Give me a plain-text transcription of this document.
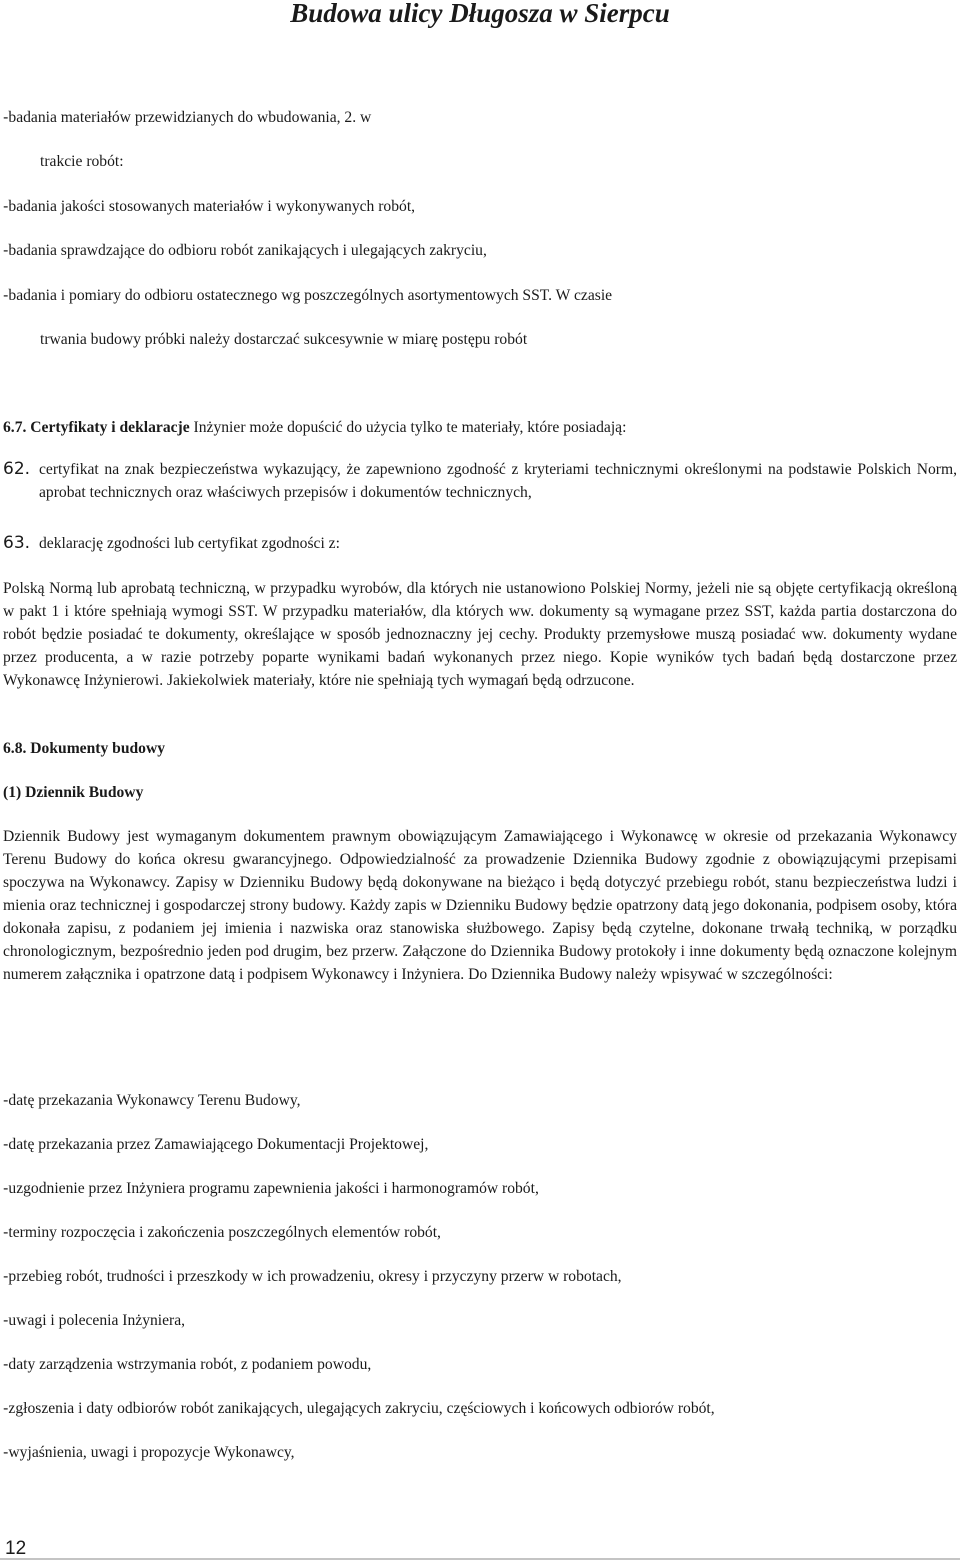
Budowa ulicy Długosza w Sierpcu
-badania materiałów przewidzianych do wbudowania, 2. w
trakcie robót:
-badania jakości stosowanych materiałów i wykonywanych robót,
-badania sprawdzające do odbioru robót zanikających i ulegających zakryciu,
-badania i pomiary do odbioru ostatecznego wg poszczególnych asortymentowych SST. W czasie
trwania budowy próbki należy dostarczać sukcesywnie w miarę postępu robót
6.7. Certyfikaty i deklaracje Inżynier może dopuścić do użycia tylko te materiały, które posiadają:
62. certyfikat na znak bezpieczeństwa wykazujący, że zapewniono zgodność z kryteriami technicznymi określonymi na podstawie Polskich Norm, aprobat technicznych oraz właściwych przepisów i dokumentów technicznych,
63. deklarację zgodności lub certyfikat zgodności z:
Polską Normą lub aprobatą techniczną, w przypadku wyrobów, dla których nie ustanowiono Polskiej Normy, jeżeli nie są objęte certyfikacją określoną w pakt 1 i które spełniają wymogi SST. W przypadku materiałów, dla których ww. dokumenty są wymagane przez SST, każda partia dostarczona do robót będzie posiadać te dokumenty, określające w sposób jednoznaczny jej cechy. Produkty przemysłowe muszą posiadać ww. dokumenty wydane przez producenta, a w razie potrzeby poparte wynikami badań wykonanych przez niego. Kopie wyników tych badań będą dostarczone przez Wykonawcę Inżynierowi. Jakiekolwiek materiały, które nie spełniają tych wymagań będą odrzucone.
6.8. Dokumenty budowy
(1) Dziennik Budowy
Dziennik Budowy jest wymaganym dokumentem prawnym obowiązującym Zamawiającego i Wykonawcę w okresie od przekazania Wykonawcy Terenu Budowy do końca okresu gwarancyjnego. Odpowiedzialność za prowadzenie Dziennika Budowy zgodnie z obowiązującymi przepisami spoczywa na Wykonawcy. Zapisy w Dzienniku Budowy będą dokonywane na bieżąco i będą dotyczyć przebiegu robót, stanu bezpieczeństwa ludzi i mienia oraz technicznej i gospodarczej strony budowy. Każdy zapis w Dzienniku Budowy będzie opatrzony datą jego dokonania, podpisem osoby, która dokonała zapisu, z podaniem jej imienia i nazwiska oraz stanowiska służbowego. Zapisy będą czytelne, dokonane trwałą techniką, w porządku chronologicznym, bezpośrednio jeden pod drugim, bez przerw. Załączone do Dziennika Budowy protokoły i inne dokumenty będą oznaczone kolejnym numerem załącznika i opatrzone datą i podpisem Wykonawcy i Inżyniera. Do Dziennika Budowy należy wpisywać w szczególności:
-datę przekazania Wykonawcy Terenu Budowy,
-datę przekazania przez Zamawiającego Dokumentacji Projektowej,
-uzgodnienie przez Inżyniera programu zapewnienia jakości i harmonogramów robót,
-terminy rozpoczęcia i zakończenia poszczególnych elementów robót,
-przebieg robót, trudności i przeszkody w ich prowadzeniu, okresy i przyczyny przerw w robotach,
-uwagi i polecenia Inżyniera,
-daty zarządzenia wstrzymania robót, z podaniem powodu,
-zgłoszenia i daty odbiorów robót zanikających, ulegających zakryciu, częściowych i końcowych odbiorów robót,
-wyjaśnienia, uwagi i propozycje Wykonawcy,
12
